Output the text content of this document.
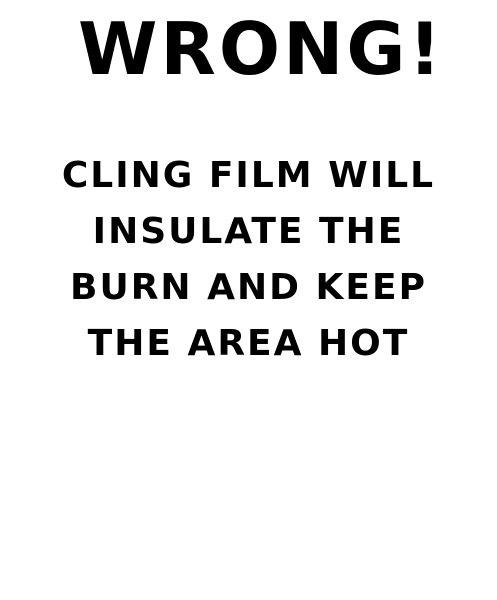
WRONG!

CLING FILM WILL
INSULATE THE
BURN AND KEEP
THE AREA HOT
